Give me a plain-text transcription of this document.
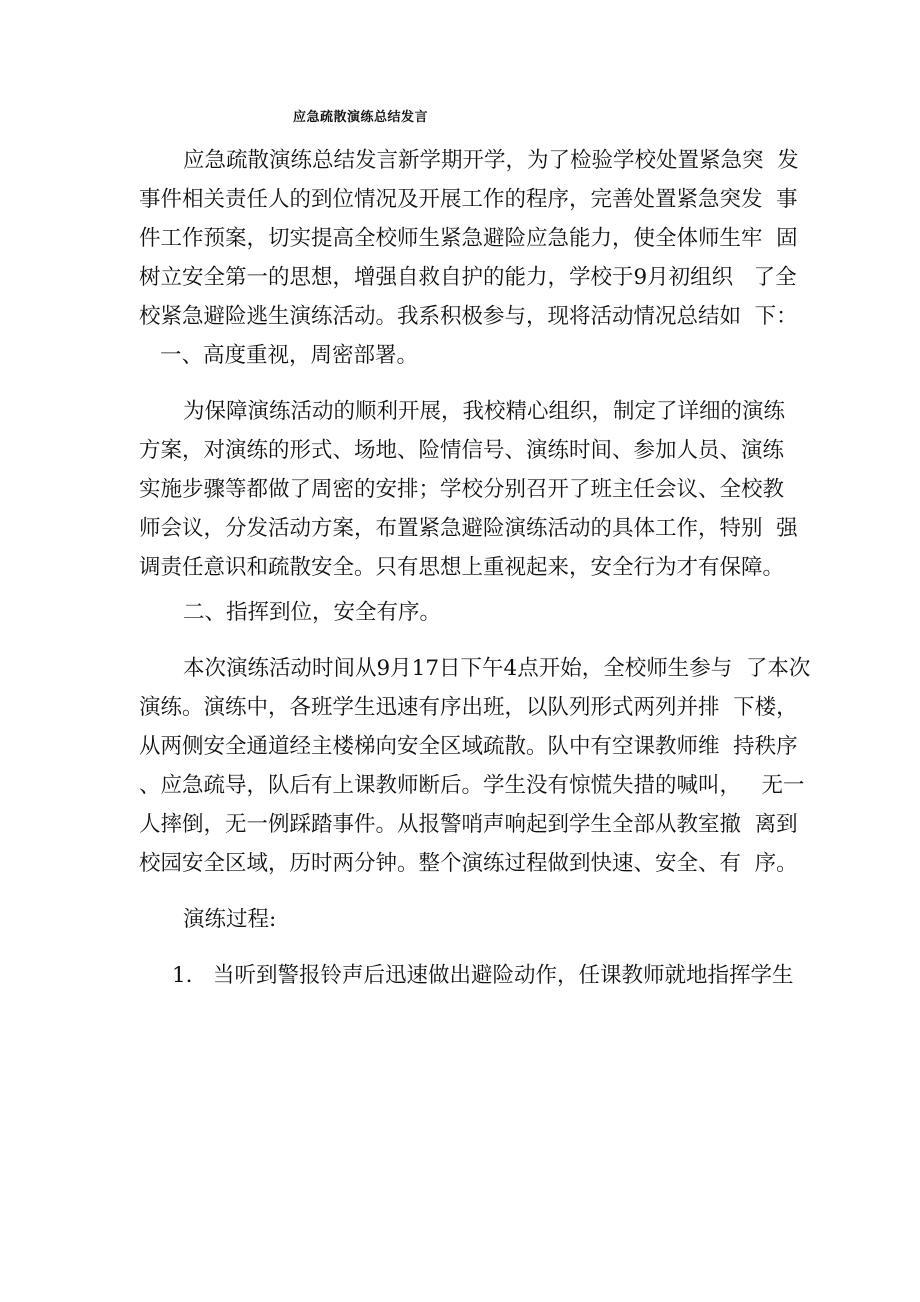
应急疏散演练总结发言
应急疏散演练总结发言新学期开学，为了检验学校处置紧急突  发
事件相关责任人的到位情况及开展工作的程序，完善处置紧急突发  事
件工作预案，切实提高全校师生紧急避险应急能力，使全体师生牢  固
树立安全第一的思想，增强自救自护的能力，学校于9月初组织   了全
校紧急避险逃生演练活动。我系积极参与，现将活动情况总结如  下：
一、高度重视，周密部署。
为保障演练活动的顺利开展，我校精心组织，制定了详细的演练
方案，对演练的形式、场地、险情信号、演练时间、参加人员、演练
实施步骤等都做了周密的安排；学校分别召开了班主任会议、全校教
师会议，分发活动方案，布置紧急避险演练活动的具体工作，特别  强
调责任意识和疏散安全。只有思想上重视起来，安全行为才有保障。
二、指挥到位，安全有序。
本次演练活动时间从9月17日下午4点开始，全校师生参与  了本次
演练。演练中，各班学生迅速有序出班，以队列形式两列并排  下楼，
从两侧安全通道经主楼梯向安全区域疏散。队中有空课教师维  持秩序
、应急疏导，队后有上课教师断后。学生没有惊慌失措的喊叫，   无一
人摔倒，无一例踩踏事件。从报警哨声响起到学生全部从教室撤  离到
校园安全区域，历时两分钟。整个演练过程做到快速、安全、有  序。
演练过程:
1. 当听到警报铃声后迅速做出避险动作，任课教师就地指挥学生
